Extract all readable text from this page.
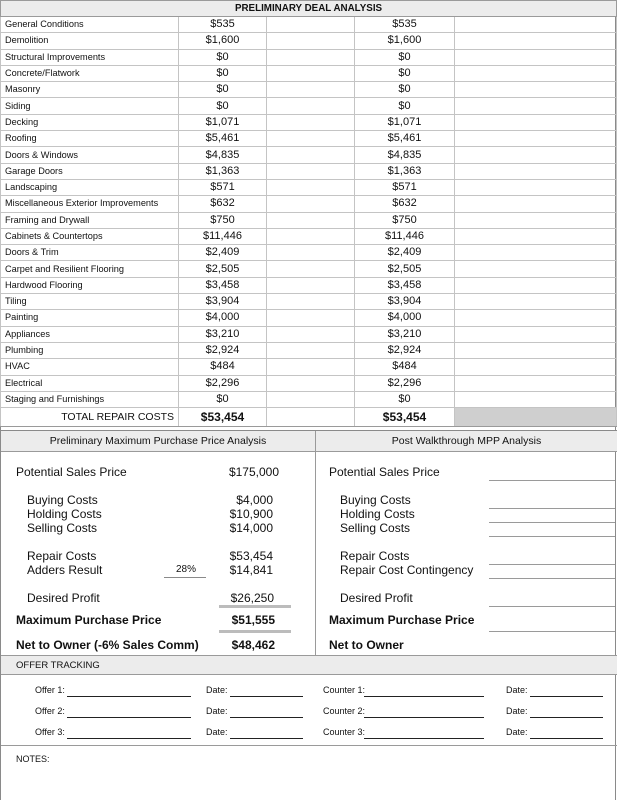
PRELIMINARY DEAL ANALYSIS				
General Conditions	$535		$535	
Demolition	$1,600		$1,600	
Structural Improvements	$0		$0	
Concrete/Flatwork	$0		$0	
Masonry	$0		$0	
Siding	$0		$0	
Decking	$1,071		$1,071	
Roofing	$5,461		$5,461	
Doors & Windows	$4,835		$4,835	
Garage Doors	$1,363		$1,363	
Landscaping	$571		$571	
Miscellaneous Exterior Improvements	$632		$632	
Framing and Drywall	$750		$750	
Cabinets & Countertops	$11,446		$11,446	
Doors & Trim	$2,409		$2,409	
Carpet and Resilient Flooring	$2,505		$2,505	
Hardwood Flooring	$3,458		$3,458	
Tiling	$3,904		$3,904	
Painting	$4,000		$4,000	
Appliances	$3,210		$3,210	
Plumbing	$2,924		$2,924	
HVAC	$484		$484	
Electrical	$2,296		$2,296	
Staging and Furnishings	$0		$0	
TOTAL REPAIR COSTS	$53,454		$53,454	
Preliminary Maximum Purchase Price Analysis	Post Walkthrough MPP Analysis
Potential Sales Price	$175,000
Buying Costs	$4,000
Holding Costs	$10,900
Selling Costs	$14,000
Repair Costs	$53,454
Adders Result	28%	$14,841
Desired Profit	$26,250
Maximum Purchase Price	$51,555
Net to Owner (-6% Sales Comm)	$48,462
Potential Sales Price
Buying Costs
Holding Costs
Selling Costs
Repair Costs
Repair Cost Contingency
Desired Profit
Maximum Purchase Price
Net to Owner
OFFER TRACKING
Offer 1:	Date:	Counter 1:	Date:
Offer 2:	Date:	Counter 2:	Date:
Offer 3:	Date:	Counter 3:	Date:
NOTES:
